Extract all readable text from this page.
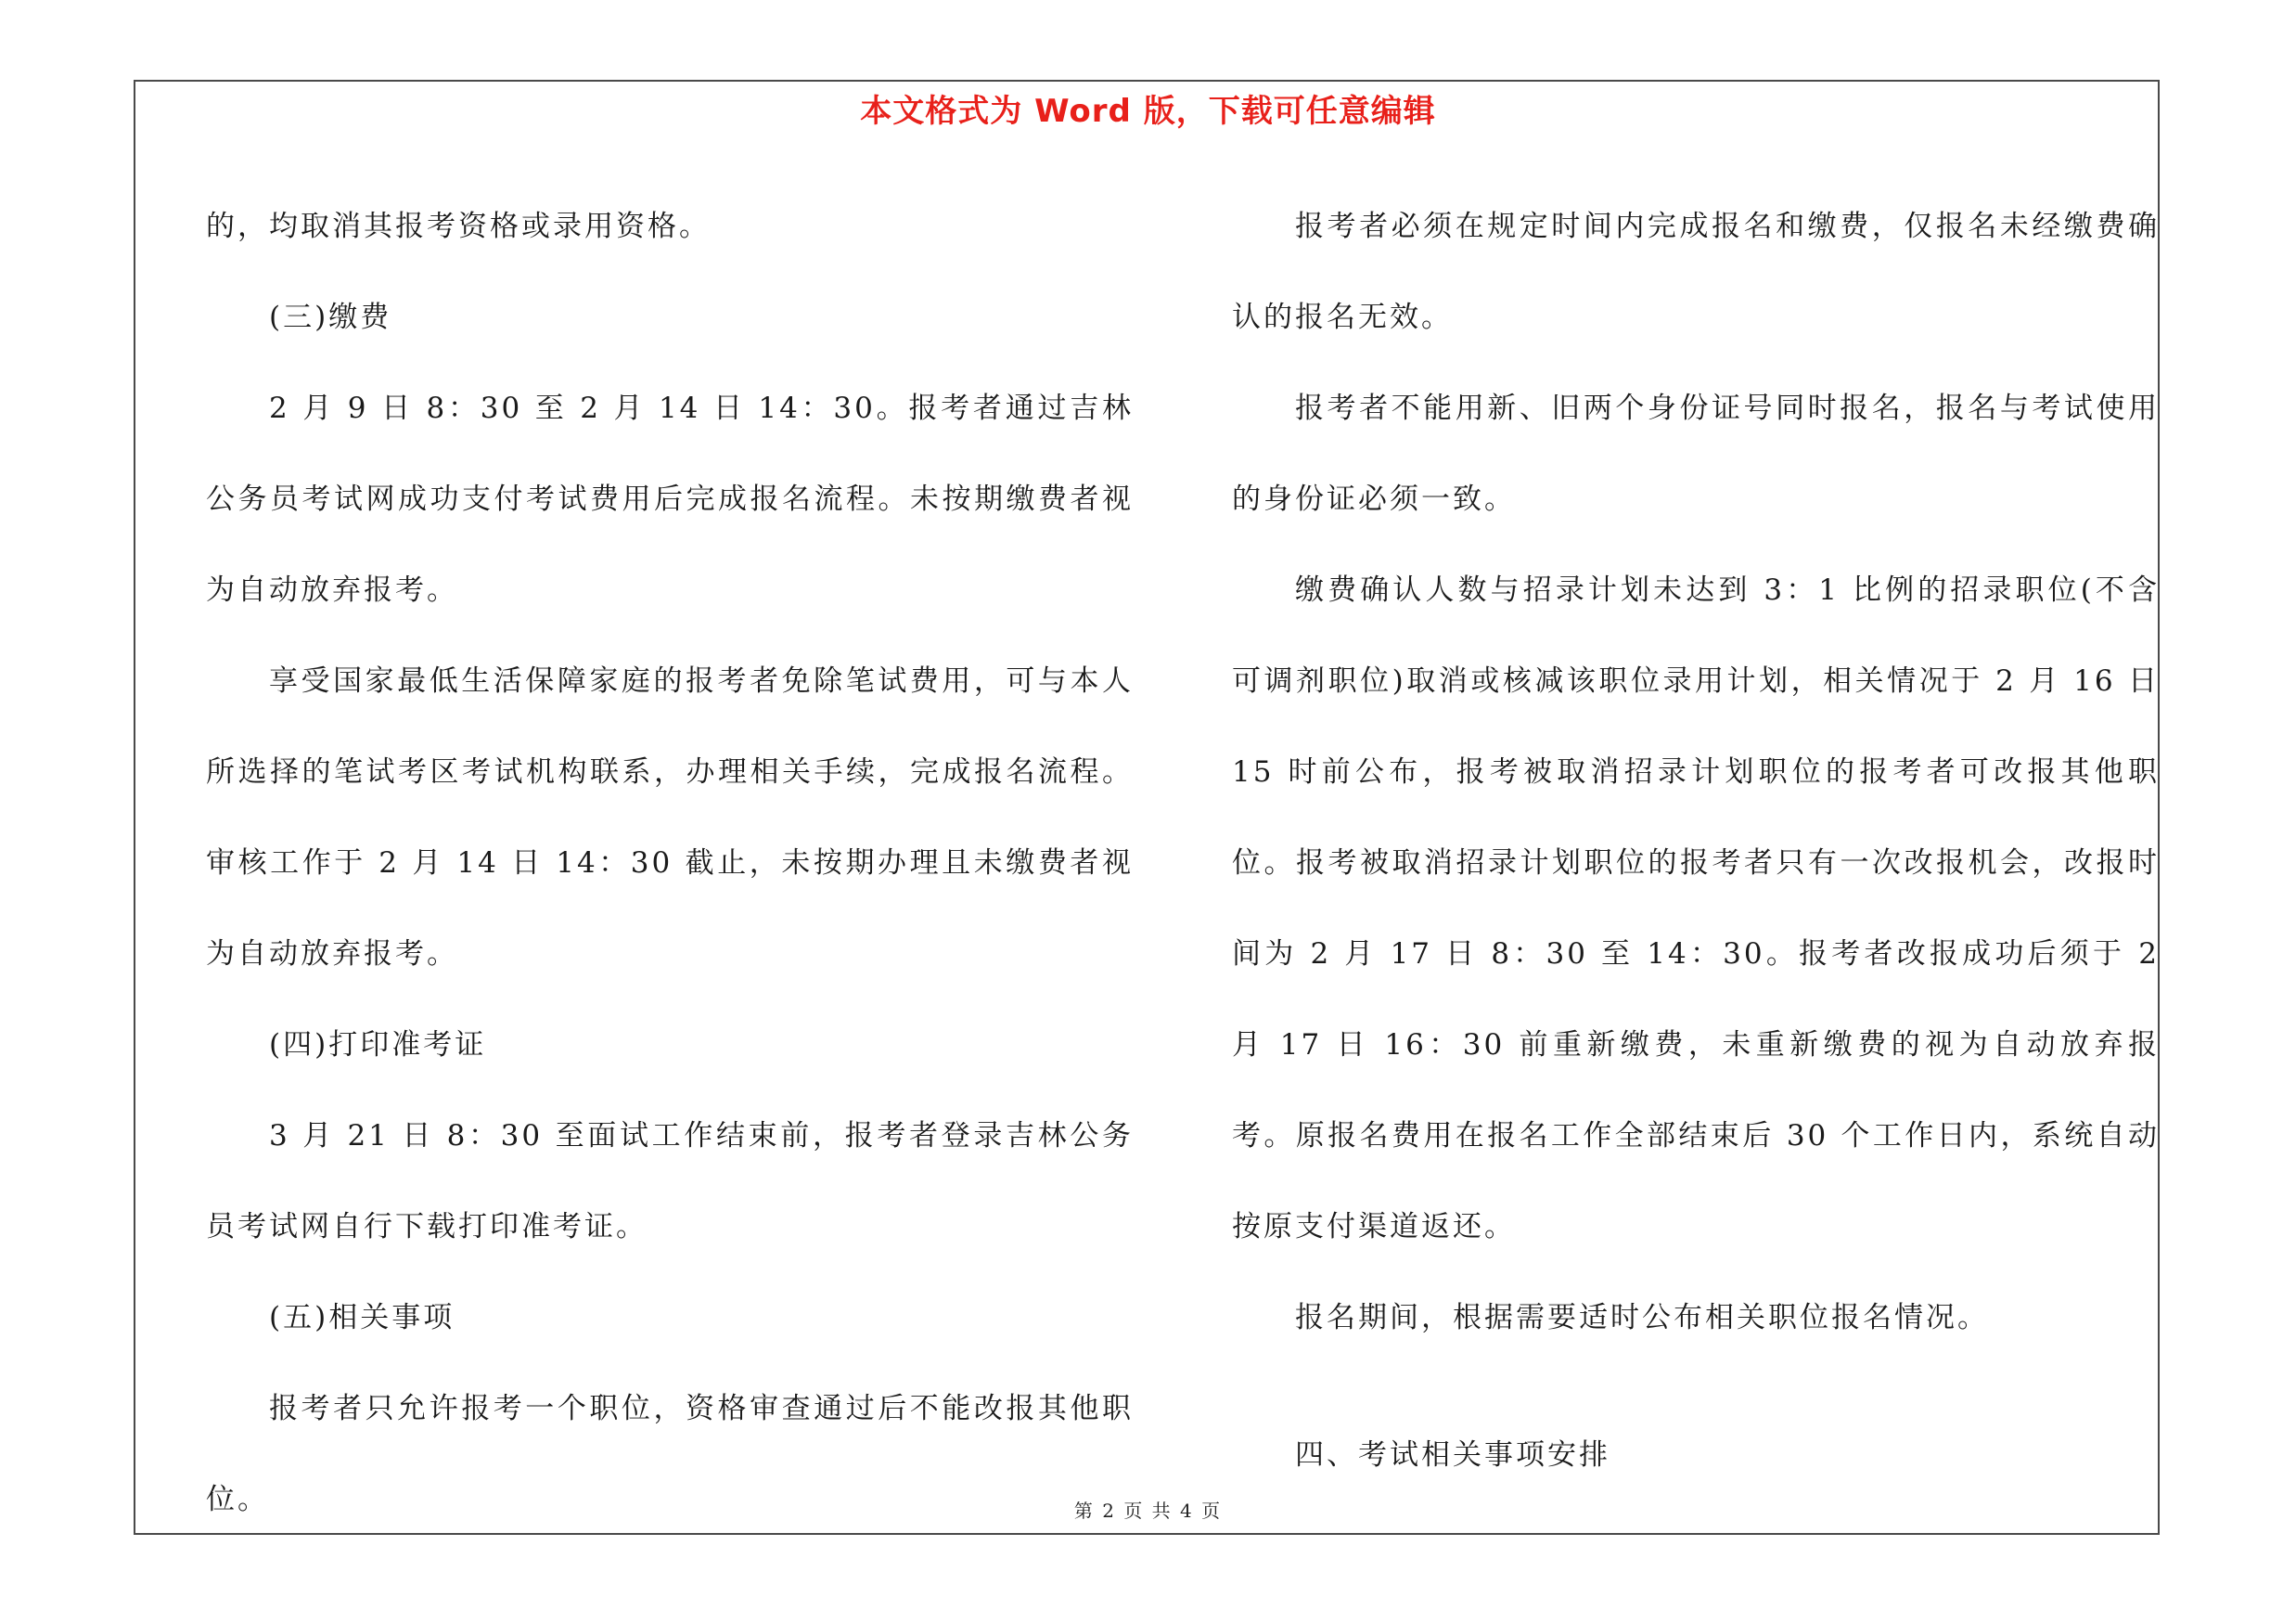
本文格式为 Word 版，下载可任意编辑

的，均取消其报考资格或录用资格。

(三)缴费

2 月 9 日 8：30 至 2 月 14 日 14：30。报考者通过吉林公务员考试网成功支付考试费用后完成报名流程。未按期缴费者视为自动放弃报考。

享受国家最低生活保障家庭的报考者免除笔试费用，可与本人所选择的笔试考区考试机构联系，办理相关手续，完成报名流程。审核工作于 2 月 14 日 14：30 截止，未按期办理且未缴费者视为自动放弃报考。

(四)打印准考证

3 月 21 日 8：30 至面试工作结束前，报考者登录吉林公务员考试网自行下载打印准考证。

(五)相关事项

报考者只允许报考一个职位，资格审查通过后不能改报其他职位。

报考者必须在规定时间内完成报名和缴费，仅报名未经缴费确认的报名无效。

报考者不能用新、旧两个身份证号同时报名，报名与考试使用的身份证必须一致。

缴费确认人数与招录计划未达到 3：1 比例的招录职位(不含可调剂职位)取消或核减该职位录用计划，相关情况于 2 月 16 日 15 时前公布，报考被取消招录计划职位的报考者可改报其他职位。报考被取消招录计划职位的报考者只有一次改报机会，改报时间为 2 月 17 日 8：30 至 14：30。报考者改报成功后须于 2 月 17 日 16：30 前重新缴费，未重新缴费的视为自动放弃报考。原报名费用在报名工作全部结束后 30 个工作日内，系统自动按原支付渠道返还。

报名期间，根据需要适时公布相关职位报名情况。

四、考试相关事项安排

第 2 页 共 4 页
